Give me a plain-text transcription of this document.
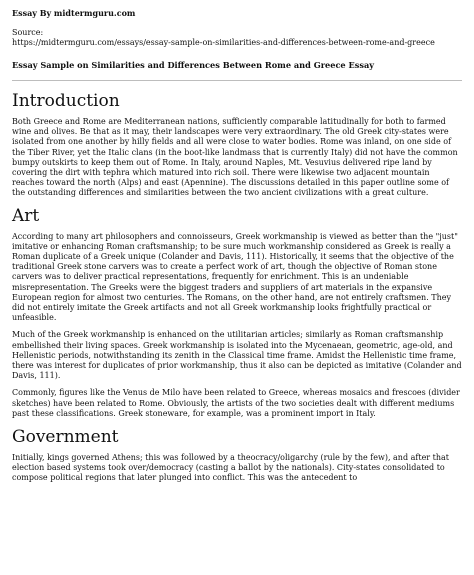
Essay By midtermguru.com
Source:
https://midtermguru.com/essays/essay-sample-on-similarities-and-differences-between-rome-and-greece
Essay Sample on Similarities and Differences Between Rome and Greece Essay
Introduction

Both Greece and Rome are Mediterranean nations, sufficiently comparable latitudinally for both to farmed wine and olives. Be that as it may, their landscapes were very extraordinary. The old Greek city-states were isolated from one another by hilly fields and all were close to water bodies. Rome was inland, on one side of the Tiber River, yet the Italic clans (in the boot-like landmass that is currently Italy) did not have the common bumpy outskirts to keep them out of Rome. In Italy, around Naples, Mt. Vesuvius delivered ripe land by covering the dirt with tephra which matured into rich soil. There were likewise two adjacent mountain reaches toward the north (Alps) and east (Apennine). The discussions detailed in this paper outline some of the outstanding differences and similarities between the two ancient civilizations with a great culture.

Art

According to many art philosophers and connoisseurs, Greek workmanship is viewed as better than the "just" imitative or enhancing Roman craftsmanship; to be sure much workmanship considered as Greek is really a Roman duplicate of a Greek unique (Colander and Davis, 111). Historically, it seems that the objective of the traditional Greek stone carvers was to create a perfect work of art, though the objective of Roman stone carvers was to deliver practical representations, frequently for enrichment. This is an undeniable misrepresentation. The Greeks were the biggest traders and suppliers of art materials in the expansive European region for almost two centuries. The Romans, on the other hand, are not entirely craftsmen. They did not entirely imitate the Greek artifacts and not all Greek workmanship looks frightfully practical or unfeasible.

Much of the Greek workmanship is enhanced on the utilitarian articles; similarly as Roman craftsmanship embellished their living spaces. Greek workmanship is isolated into the Mycenaean, geometric, age-old, and Hellenistic periods, notwithstanding its zenith in the Classical time frame. Amidst the Hellenistic time frame, there was interest for duplicates of prior workmanship, thus it also can be depicted as imitative (Colander and Davis, 111).

Commonly, figures like the Venus de Milo have been related to Greece, whereas mosaics and frescoes (divider sketches) have been related to Rome. Obviously, the artists of the two societies dealt with different mediums past these classifications. Greek stoneware, for example, was a prominent import in Italy.

Government

Initially, kings governed Athens; this was followed by a theocracy/oligarchy (rule by the few), and after that election based systems took over/democracy (casting a ballot by the nationals). City-states consolidated to compose political regions that later plunged into conflict. This was the antecedent to
